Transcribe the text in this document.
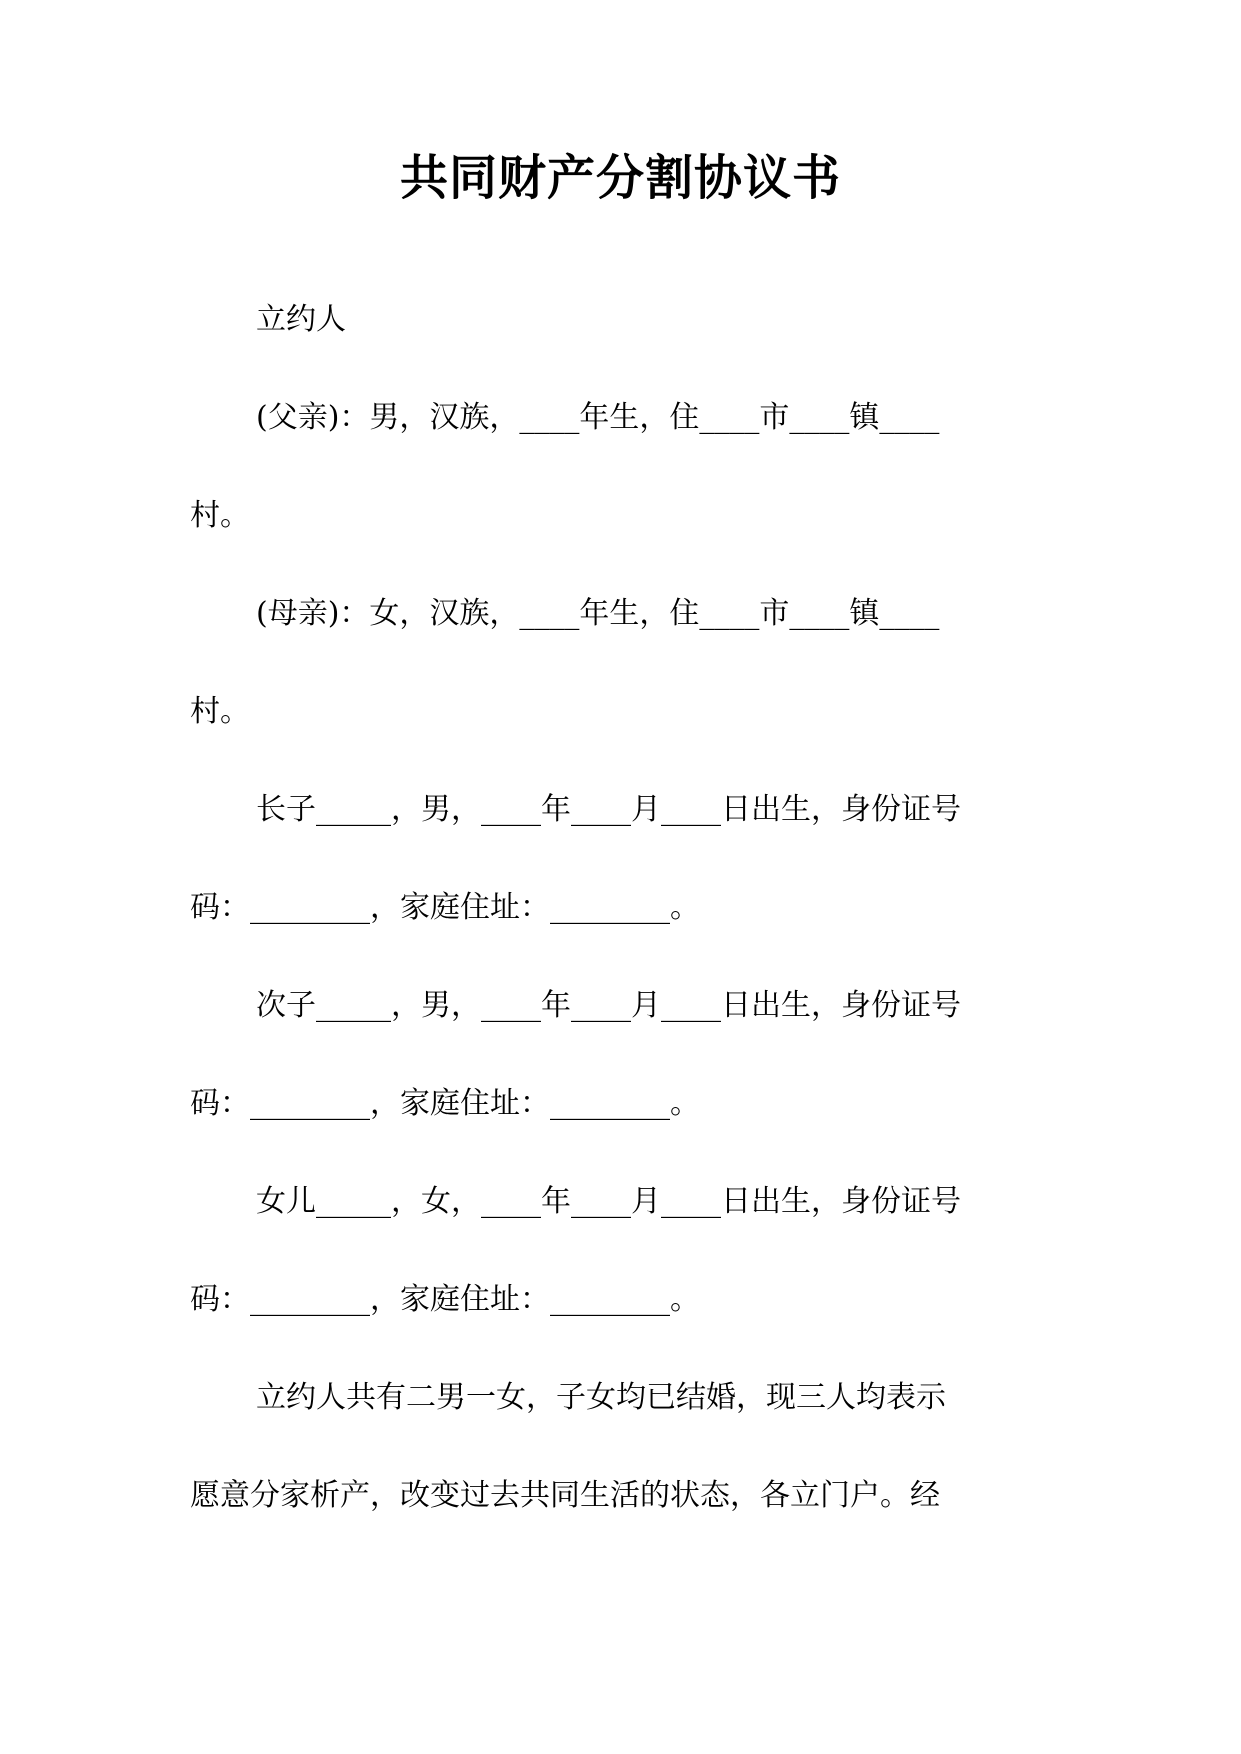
共同财产分割协议书
立约人
(父亲)：男，汉族，____年生，住____市____镇____
村。
(母亲)：女，汉族，____年生，住____市____镇____
村。
长子_____，男，____年____月____日出生，身份证号
码：________，家庭住址：________。
次子_____，男，____年____月____日出生，身份证号
码：________，家庭住址：________。
女儿_____，女，____年____月____日出生，身份证号
码：________，家庭住址：________。
立约人共有二男一女，子女均已结婚，现三人均表示
愿意分家析产，改变过去共同生活的状态，各立门户。经
